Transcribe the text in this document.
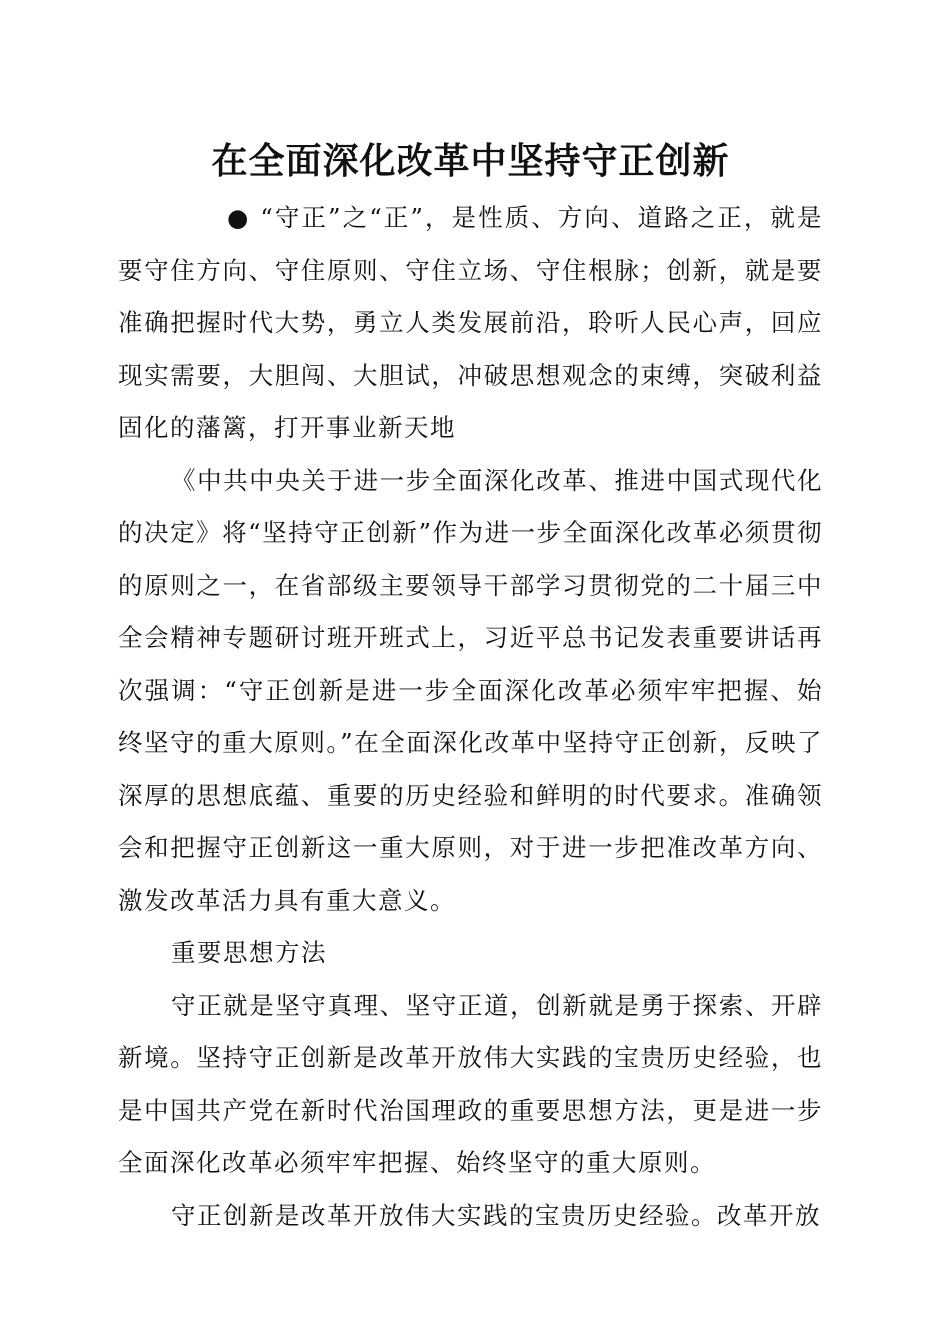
在全面深化改革中坚持守正创新

● “守正”之“正”，是性质、方向、道路之正，就是要守住方向、守住原则、守住立场、守住根脉；创新，就是要准确把握时代大势，勇立人类发展前沿，聆听人民心声，回应现实需要，大胆闯、大胆试，冲破思想观念的束缚，突破利益固化的藩篱，打开事业新天地

《中共中央关于进一步全面深化改革、推进中国式现代化的决定》将“坚持守正创新”作为进一步全面深化改革必须贯彻的原则之一，在省部级主要领导干部学习贯彻党的二十届三中全会精神专题研讨班开班式上，习近平总书记发表重要讲话再次强调：“守正创新是进一步全面深化改革必须牢牢把握、始终坚守的重大原则。”在全面深化改革中坚持守正创新，反映了深厚的思想底蕴、重要的历史经验和鲜明的时代要求。准确领会和把握守正创新这一重大原则，对于进一步把准改革方向、激发改革活力具有重大意义。

重要思想方法

守正就是坚守真理、坚守正道，创新就是勇于探索、开辟新境。坚持守正创新是改革开放伟大实践的宝贵历史经验，也是中国共产党在新时代治国理政的重要思想方法，更是进一步全面深化改革必须牢牢把握、始终坚守的重大原则。

守正创新是改革开放伟大实践的宝贵历史经验。改革开放
